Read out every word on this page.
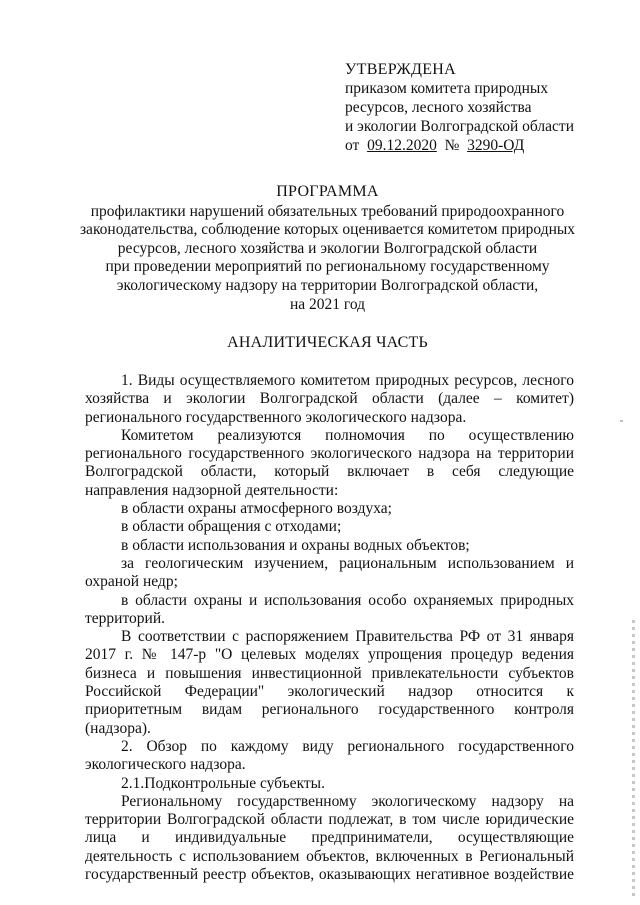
УТВЕРЖДЕНА
приказом комитета природных
ресурсов, лесного хозяйства
и экологии Волгоградской области
от 09.12.2020 № 3290-ОД
ПРОГРАММА
профилактики нарушений обязательных требований природоохранного
законодательства, соблюдение которых оценивается комитетом природных
ресурсов, лесного хозяйства и экологии Волгоградской области
при проведении мероприятий по региональному государственному
экологическому надзору на территории Волгоградской области,
на 2021 год
АНАЛИТИЧЕСКАЯ ЧАСТЬ

1. Виды осуществляемого комитетом природных ресурсов, лесного хозяйства и экологии Волгоградской области (далее – комитет) регионального государственного экологического надзора.

Комитетом реализуются полномочия по осуществлению регионального государственного экологического надзора на территории Волгоградской области, который включает в себя следующие направления надзорной деятельности:

в области охраны атмосферного воздуха;

в области обращения с отходами;

в области использования и охраны водных объектов;

за геологическим изучением, рациональным использованием и охраной недр;

в области охраны и использования особо охраняемых природных территорий.

В соответствии с распоряжением Правительства РФ от 31 января 2017 г. № 147-р "О целевых моделях упрощения процедур ведения бизнеса и повышения инвестиционной привлекательности субъектов Российской Федерации" экологический надзор относится к приоритетным видам регионального государственного контроля (надзора).

2. Обзор по каждому виду регионального государственного экологического надзора.

2.1.Подконтрольные субъекты.

Региональному государственному экологическому надзору на территории Волгоградской области подлежат, в том числе юридические лица и индивидуальные предприниматели, осуществляющие деятельность с использованием объектов, включенных в Региональный государственный реестр объектов, оказывающих негативное воздействие
